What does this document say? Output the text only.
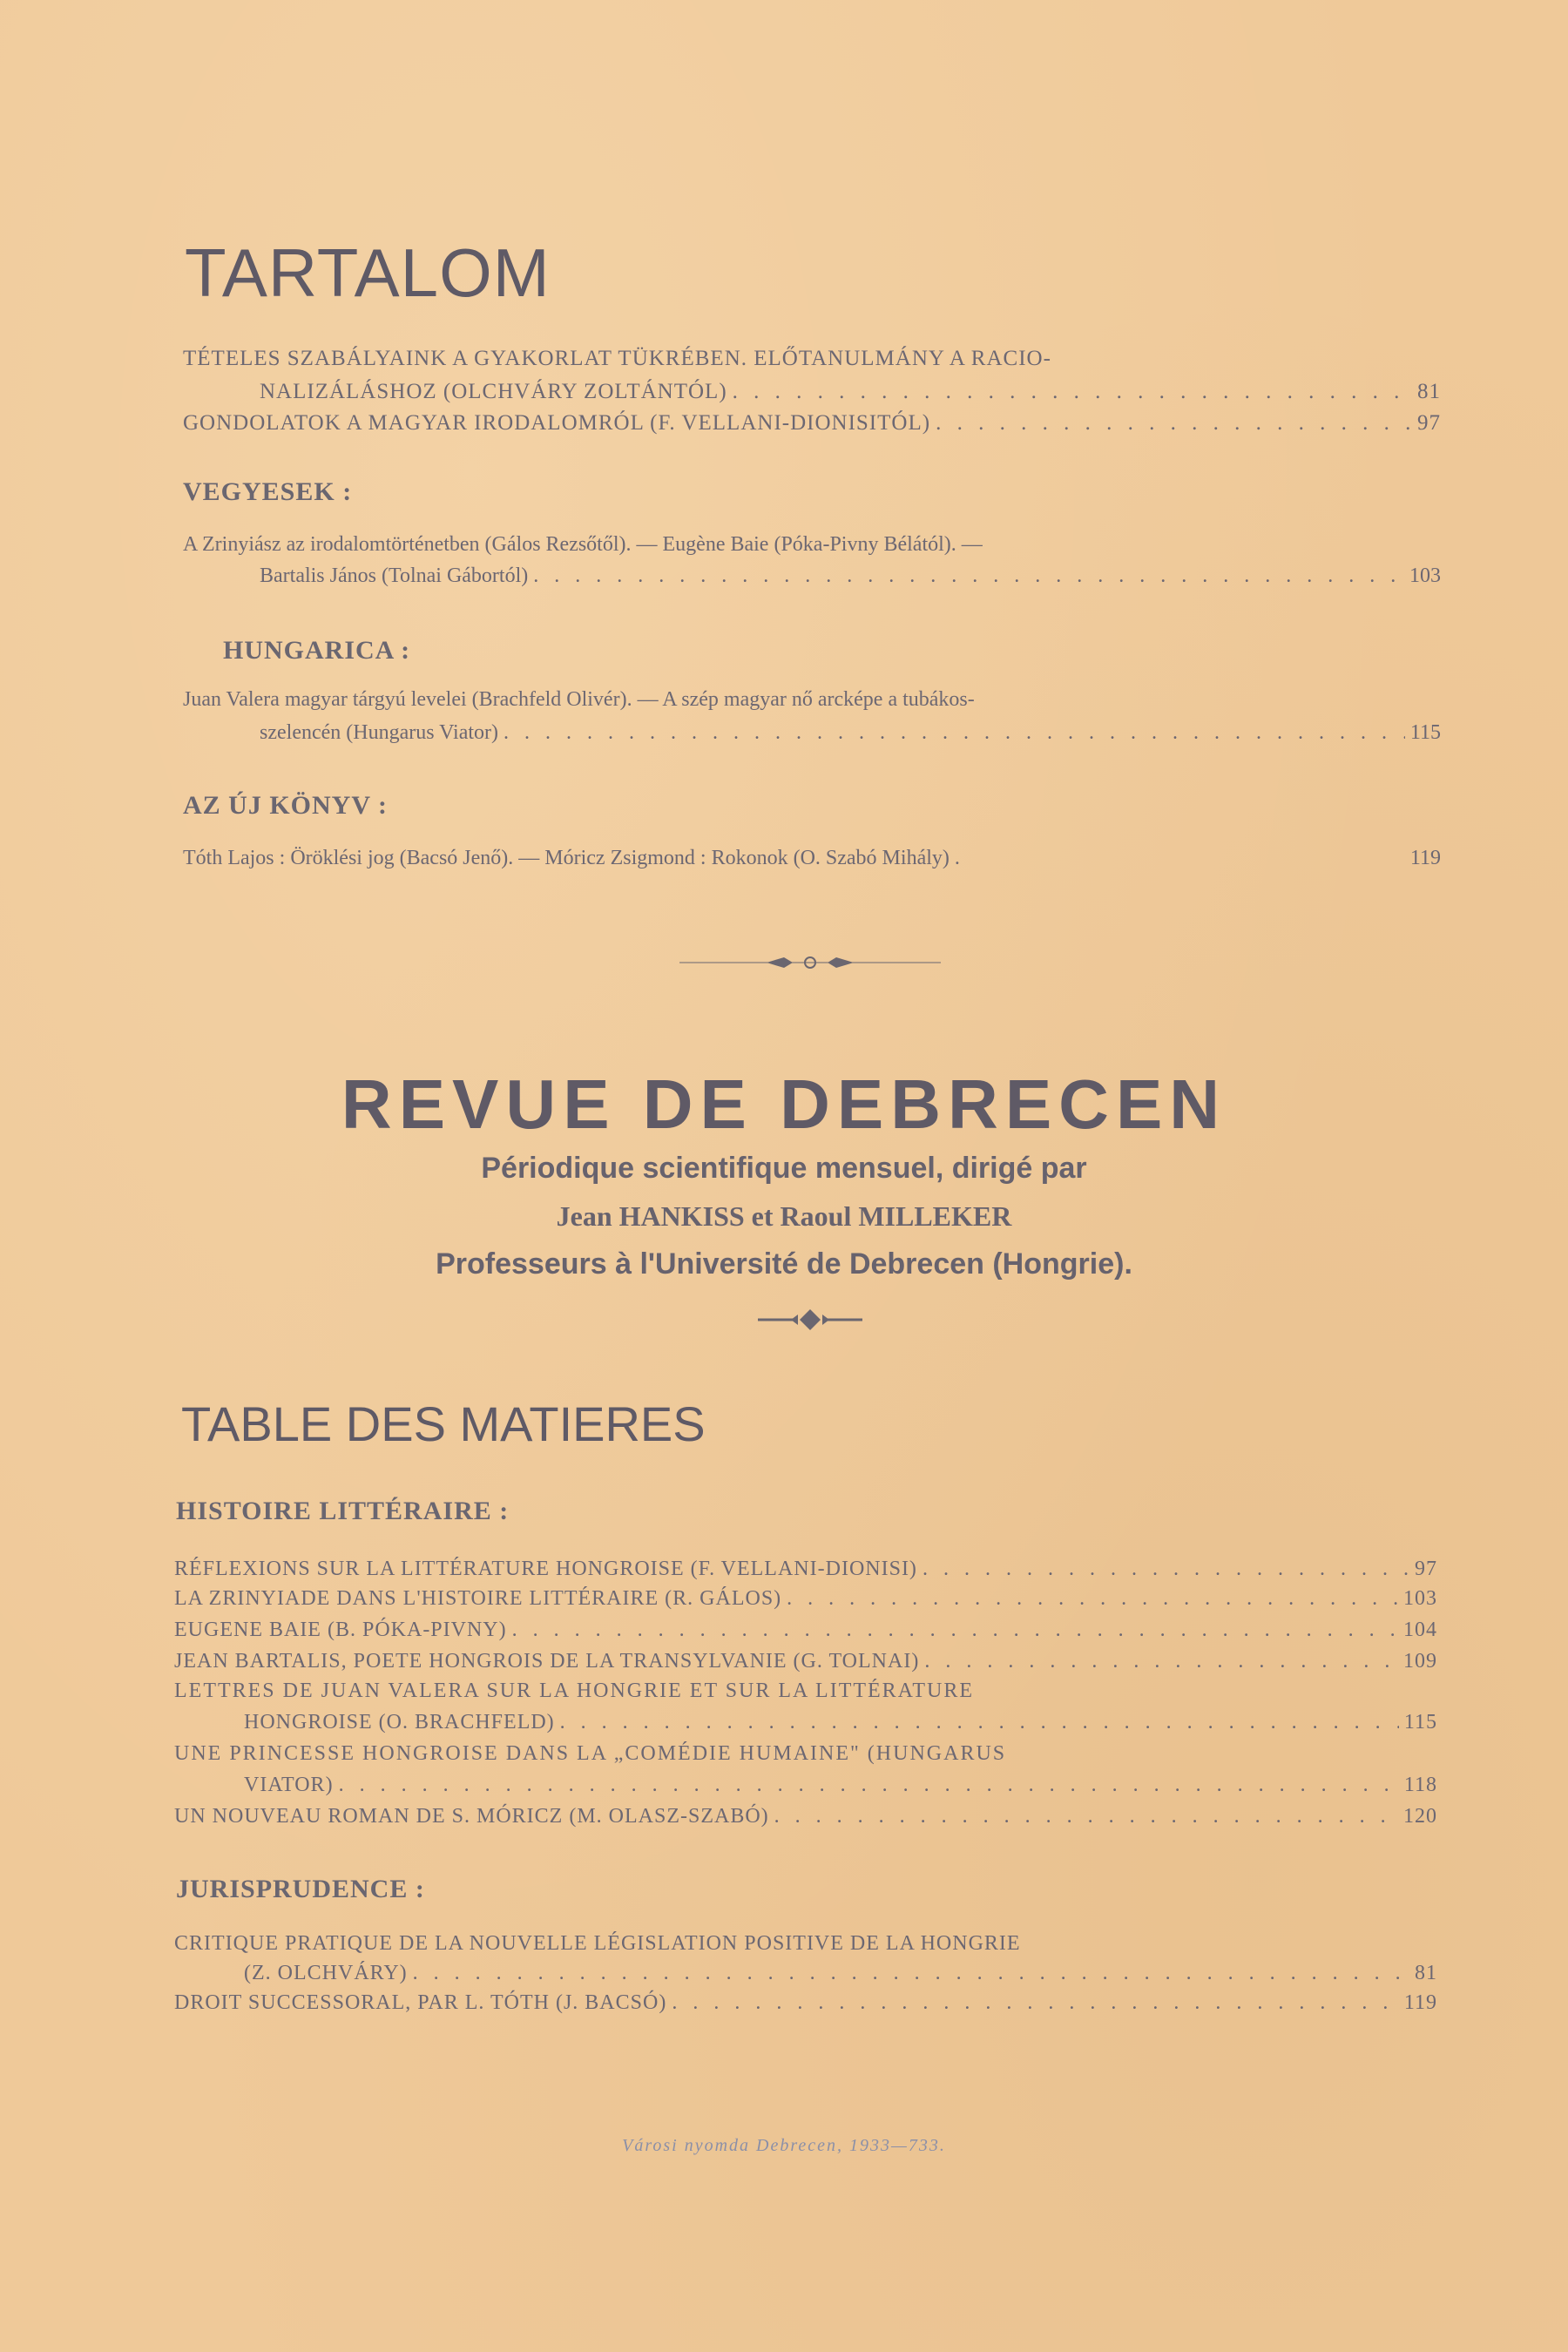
TARTALOM
TÉTELES SZABÁLYAINK A GYAKORLAT TÜKRÉBEN. ELŐTANULMÁNY A RACIO-
NALIZÁLÁSHOZ (OLCHVÁRY ZOLTÁNTÓL) . . .	81
GONDOLATOK A MAGYAR IRODALOMRÓL (F. VELLANI-DIONISITÓL) . . .	97
VEGYESEK :
A Zrinyiász az irodalomtörténetben (Gálos Rezsőtől). — Eugène Baie (Póka-Pivny Bélától). —
Bartalis János (Tolnai Gábortól) . . .	103
HUNGARICA :
Juan Valera magyar tárgyú levelei (Brachfeld Olivér). — A szép magyar nő arcképe a tubákos-
szelencén (Hungarus Viator) . . .	115
AZ ÚJ KÖNYV :
Tóth Lajos : Öröklési jog (Bacsó Jenő). — Móricz Zsigmond : Rokonok (O. Szabó Mihály) .	119
REVUE DE DEBRECEN

Périodique scientifique mensuel, dirigé par

Jean HANKISS et Raoul MILLEKER

Professeurs à l'Université de Debrecen (Hongrie).

TABLE DES MATIERES
HISTOIRE LITTÉRAIRE :
RÉFLEXIONS SUR LA LITTÉRATURE HONGROISE (F. VELLANI-DIONISI) . . .	97
LA ZRINYIADE DANS L'HISTOIRE LITTÉRAIRE (R. GÁLOS) . . .	103
EUGENE BAIE (B. PÓKA-PIVNY) . . .	104
JEAN BARTALIS, POETE HONGROIS DE LA TRANSYLVANIE (G. TOLNAI) . . .	109
LETTRES DE JUAN VALERA SUR LA HONGRIE ET SUR LA LITTÉRATURE
HONGROISE (O. BRACHFELD) . . .	115
UNE PRINCESSE HONGROISE DANS LA „COMÉDIE HUMAINE" (HUNGARUS
VIATOR) . . .	118
UN NOUVEAU ROMAN DE S. MÓRICZ (M. OLASZ-SZABÓ) . . .	120
JURISPRUDENCE :
CRITIQUE PRATIQUE DE LA NOUVELLE LÉGISLATION POSITIVE DE LA HONGRIE
(Z. OLCHVÁRY) . . .	81
DROIT SUCCESSORAL, PAR L. TÓTH (J. BACSÓ) . . .	119
Városi nyomda Debrecen, 1933—733.
